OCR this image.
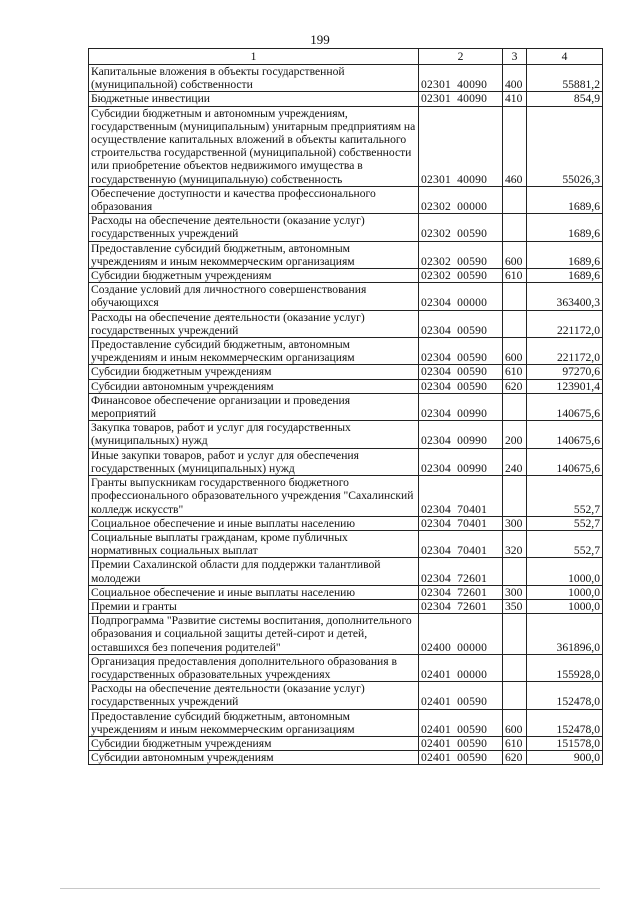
199
1	2	3	4
Капитальные вложения в объекты государственной (муниципальной) собственности	02301  40090	400	55881,2
Бюджетные инвестиции	02301  40090	410	854,9
Субсидии бюджетным и автономным учреждениям, государственным (муниципальным) унитарным предприятиям на осуществление капитальных вложений в объекты капитального строительства государственной (муниципальной) собственности или приобретение объектов недвижимого имущества в государственную (муниципальную) собственность	02301  40090	460	55026,3
Обеспечение доступности и качества профессионального образования	02302  00000		1689,6
Расходы на обеспечение деятельности (оказание услуг) государственных учреждений	02302  00590		1689,6
Предоставление субсидий бюджетным, автономным учреждениям и иным некоммерческим организациям	02302  00590	600	1689,6
Субсидии бюджетным учреждениям	02302  00590	610	1689,6
Создание условий для личностного совершенствования обучающихся	02304  00000		363400,3
Расходы на обеспечение деятельности (оказание услуг) государственных учреждений	02304  00590		221172,0
Предоставление субсидий бюджетным, автономным учреждениям и иным некоммерческим организациям	02304  00590	600	221172,0
Субсидии бюджетным учреждениям	02304  00590	610	97270,6
Субсидии автономным учреждениям	02304  00590	620	123901,4
Финансовое обеспечение организации и проведения мероприятий	02304  00990		140675,6
Закупка товаров, работ и услуг для государственных (муниципальных) нужд	02304  00990	200	140675,6
Иные закупки товаров, работ и услуг для обеспечения государственных (муниципальных) нужд	02304  00990	240	140675,6
Гранты выпускникам государственного бюджетного профессионального образовательного учреждения "Сахалинский колледж искусств"	02304  70401		552,7
Социальное обеспечение и иные выплаты населению	02304  70401	300	552,7
Социальные выплаты гражданам, кроме публичных нормативных социальных выплат	02304  70401	320	552,7
Премии Сахалинской области для поддержки талантливой молодежи	02304  72601		1000,0
Социальное обеспечение и иные выплаты населению	02304  72601	300	1000,0
Премии и гранты	02304  72601	350	1000,0
Подпрограмма "Развитие системы воспитания, дополнительного образования и социальной защиты детей-сирот и детей, оставшихся без попечения родителей"	02400  00000		361896,0
Организация предоставления дополнительного образования в государственных образовательных учреждениях	02401  00000		155928,0
Расходы на обеспечение деятельности (оказание услуг) государственных учреждений	02401  00590		152478,0
Предоставление субсидий бюджетным, автономным учреждениям и иным некоммерческим организациям	02401  00590	600	152478,0
Субсидии бюджетным учреждениям	02401  00590	610	151578,0
Субсидии автономным учреждениям	02401  00590	620	900,0
